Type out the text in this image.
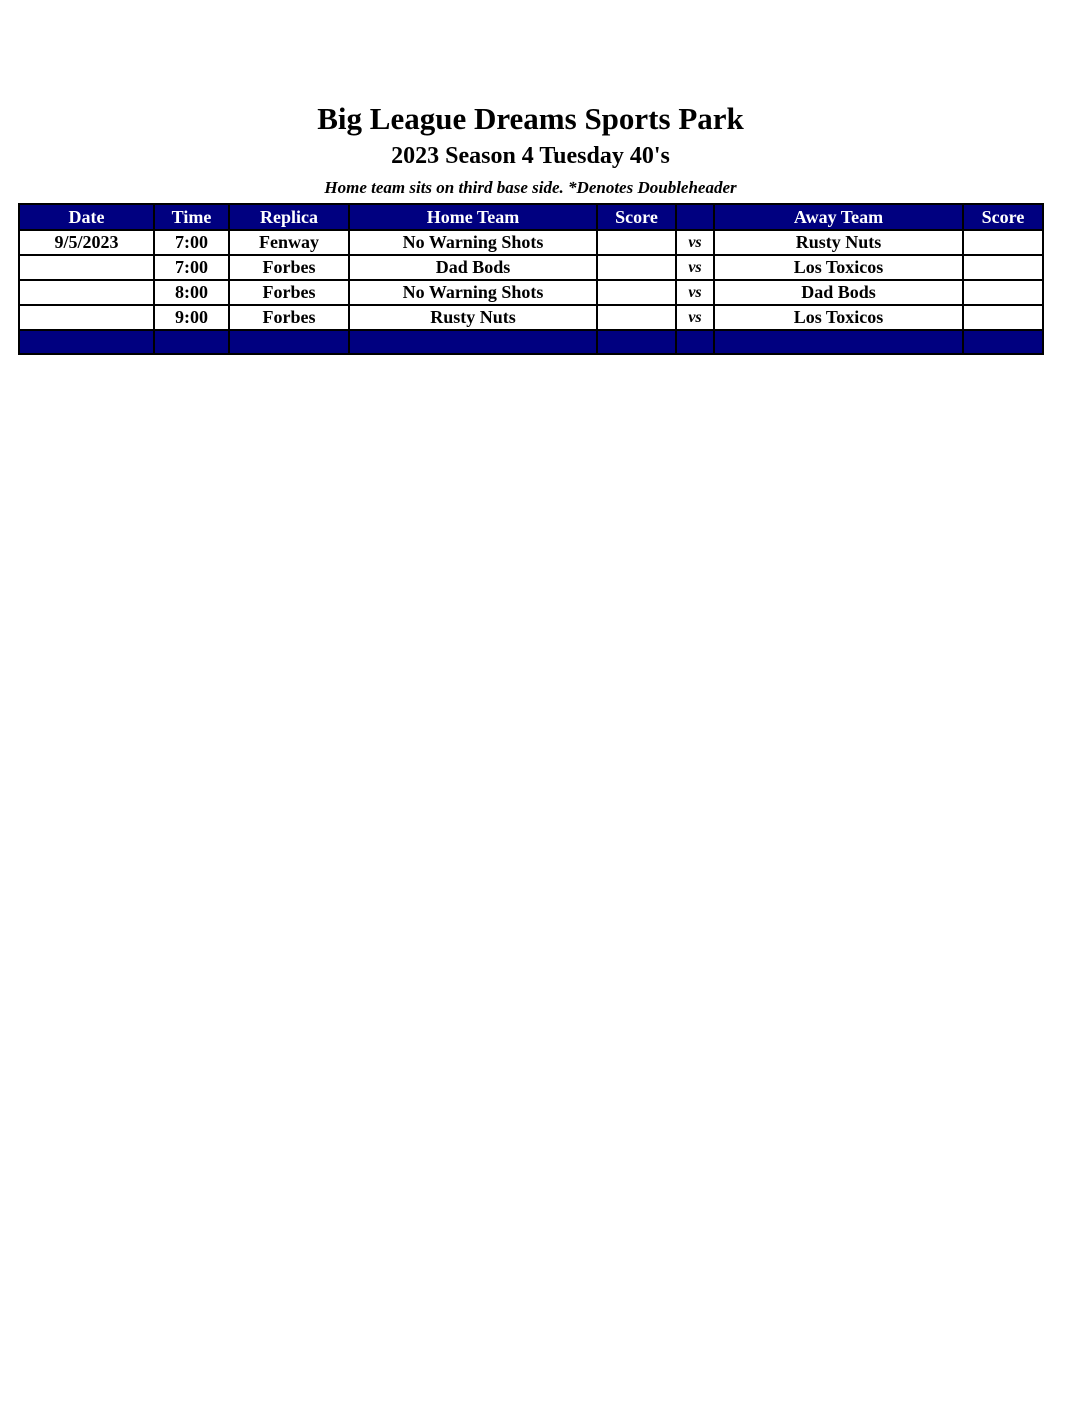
Big League Dreams Sports Park
2023 Season 4 Tuesday 40's
Home team sits on third base side. *Denotes Doubleheader
Date	Time	Replica	Home Team	Score		Away Team	Score
9/5/2023	7:00	Fenway	No Warning Shots		vs	Rusty Nuts	
	7:00	Forbes	Dad Bods		vs	Los Toxicos	
	8:00	Forbes	No Warning Shots		vs	Dad Bods	
	9:00	Forbes	Rusty Nuts		vs	Los Toxicos	
